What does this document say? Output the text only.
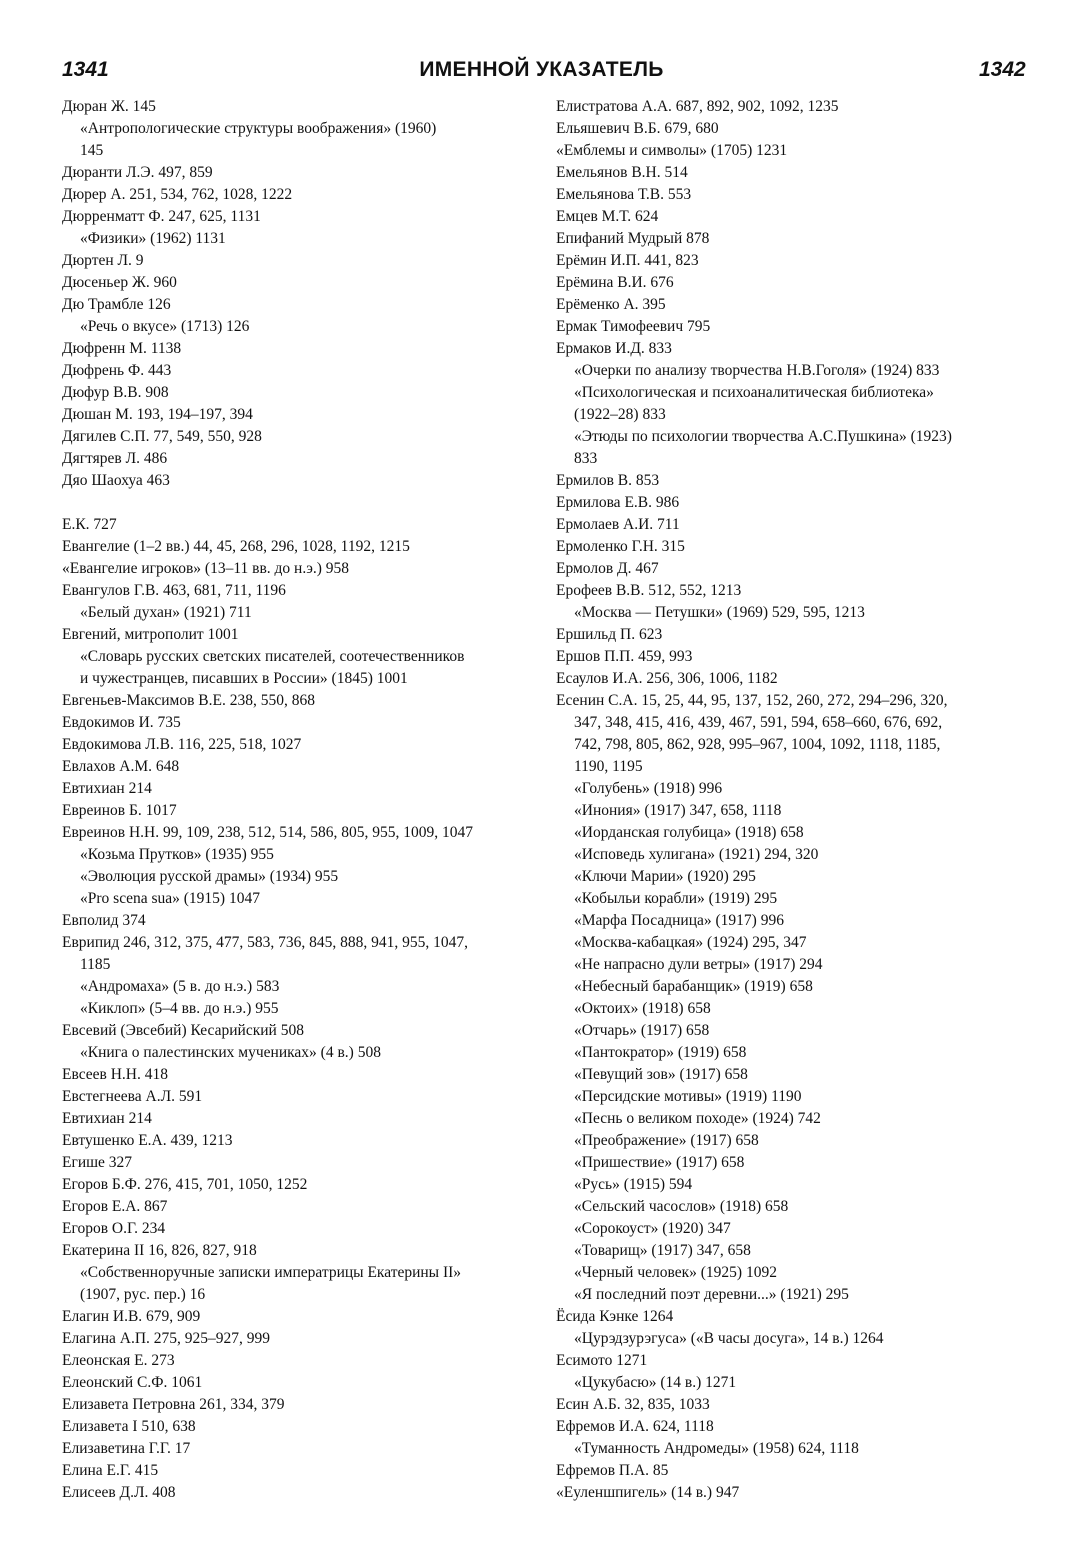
1341	ИМЕННОЙ УКАЗАТЕЛЬ	1342
Дюран Ж. 145
«Антропологические структуры воображения» (1960)
145
Дюранти Л.Э. 497, 859
Дюрер А. 251, 534, 762, 1028, 1222
Дюрренматт Ф. 247, 625, 1131
«Физики» (1962) 1131
Дюртен Л. 9
Дюсеньер Ж. 960
Дю Трамбле 126
«Речь о вкусе» (1713) 126
Дюфренн М. 1138
Дюфрень Ф. 443
Дюфур В.В. 908
Дюшан М. 193, 194–197, 394
Дягилев С.П. 77, 549, 550, 928
Дягтярев Л. 486
Дяо Шаохуа 463
Е.К. 727
Евангелие (1–2 вв.) 44, 45, 268, 296, 1028, 1192, 1215
«Евангелие игроков» (13–11 вв. до н.э.) 958
Евангулов Г.В. 463, 681, 711, 1196
«Белый духан» (1921) 711
Евгений, митрополит 1001
«Словарь русских светских писателей, соотечественников
и чужестранцев, писавших в России» (1845) 1001
Евгеньев-Максимов В.Е. 238, 550, 868
Евдокимов И. 735
Евдокимова Л.В. 116, 225, 518, 1027
Евлахов А.М. 648
Евтихиан 214
Евреинов Б. 1017
Евреинов Н.Н. 99, 109, 238, 512, 514, 586, 805, 955, 1009, 1047
«Козьма Прутков» (1935) 955
«Эволюция русской драмы» (1934) 955
«Pro scena sua» (1915) 1047
Евполид 374
Еврипид 246, 312, 375, 477, 583, 736, 845, 888, 941, 955, 1047,
1185
«Андромаха» (5 в. до н.э.) 583
«Киклоп» (5–4 вв. до н.э.) 955
Евсевий (Эвсебий) Кесарийский 508
«Книга о палестинских мучениках» (4 в.) 508
Евсеев Н.Н. 418
Евстегнеева А.Л. 591
Евтихиан 214
Евтушенко Е.А. 439, 1213
Егише 327
Егоров Б.Ф. 276, 415, 701, 1050, 1252
Егоров Е.А. 867
Егоров О.Г. 234
Екатерина II 16, 826, 827, 918
«Собственноручные записки императрицы Екатерины II»
(1907, рус. пер.) 16
Елагин И.В. 679, 909
Елагина А.П. 275, 925–927, 999
Елеонская Е. 273
Елеонский С.Ф. 1061
Елизавета Петровна 261, 334, 379
Елизавета I 510, 638
Елизаветина Г.Г. 17
Елина Е.Г. 415
Елисеев Д.Л. 408
Елистратова А.А. 687, 892, 902, 1092, 1235
Ельяшевич В.Б. 679, 680
«Емблемы и символы» (1705) 1231
Емельянов В.Н. 514
Емельянова Т.В. 553
Емцев М.Т. 624
Епифаний Мудрый 878
Ерёмин И.П. 441, 823
Ерёмина В.И. 676
Ерёменко А. 395
Ермак Тимофеевич 795
Ермаков И.Д. 833
«Очерки по анализу творчества Н.В.Гоголя» (1924) 833
«Психологическая и психоаналитическая библиотека»
(1922–28) 833
«Этюды по психологии творчества А.С.Пушкина» (1923)
833
Ермилов В. 853
Ермилова Е.В. 986
Ермолаев А.И. 711
Ермоленко Г.Н. 315
Ермолов Д. 467
Ерофеев В.В. 512, 552, 1213
«Москва — Петушки» (1969) 529, 595, 1213
Ершильд П. 623
Ершов П.П. 459, 993
Есаулов И.А. 256, 306, 1006, 1182
Есенин С.А. 15, 25, 44, 95, 137, 152, 260, 272, 294–296, 320,
347, 348, 415, 416, 439, 467, 591, 594, 658–660, 676, 692,
742, 798, 805, 862, 928, 995–967, 1004, 1092, 1118, 1185,
1190, 1195
«Голубень» (1918) 996
«Инония» (1917) 347, 658, 1118
«Иорданская голубица» (1918) 658
«Исповедь хулигана» (1921) 294, 320
«Ключи Марии» (1920) 295
«Кобыльи корабли» (1919) 295
«Марфа Посадница» (1917) 996
«Москва-кабацкая» (1924) 295, 347
«Не напрасно дули ветры» (1917) 294
«Небесный барабанщик» (1919) 658
«Октоих» (1918) 658
«Отчарь» (1917) 658
«Пантократор» (1919) 658
«Певущий зов» (1917) 658
«Персидские мотивы» (1919) 1190
«Песнь о великом походе» (1924) 742
«Преображение» (1917) 658
«Пришествие» (1917) 658
«Русь» (1915) 594
«Сельский часослов» (1918) 658
«Сорокоуст» (1920) 347
«Товарищ» (1917) 347, 658
«Черный человек» (1925) 1092
«Я последний поэт деревни...» (1921) 295
Ёсида Кэнке 1264
«Цурэдзурэгуса» («В часы досуга», 14 в.) 1264
Есимото 1271
«Цукубасю» (14 в.) 1271
Есин А.Б. 32, 835, 1033
Ефремов И.А. 624, 1118
«Туманность Андромеды» (1958) 624, 1118
Ефремов П.А. 85
«Еуленшпигель» (14 в.) 947
